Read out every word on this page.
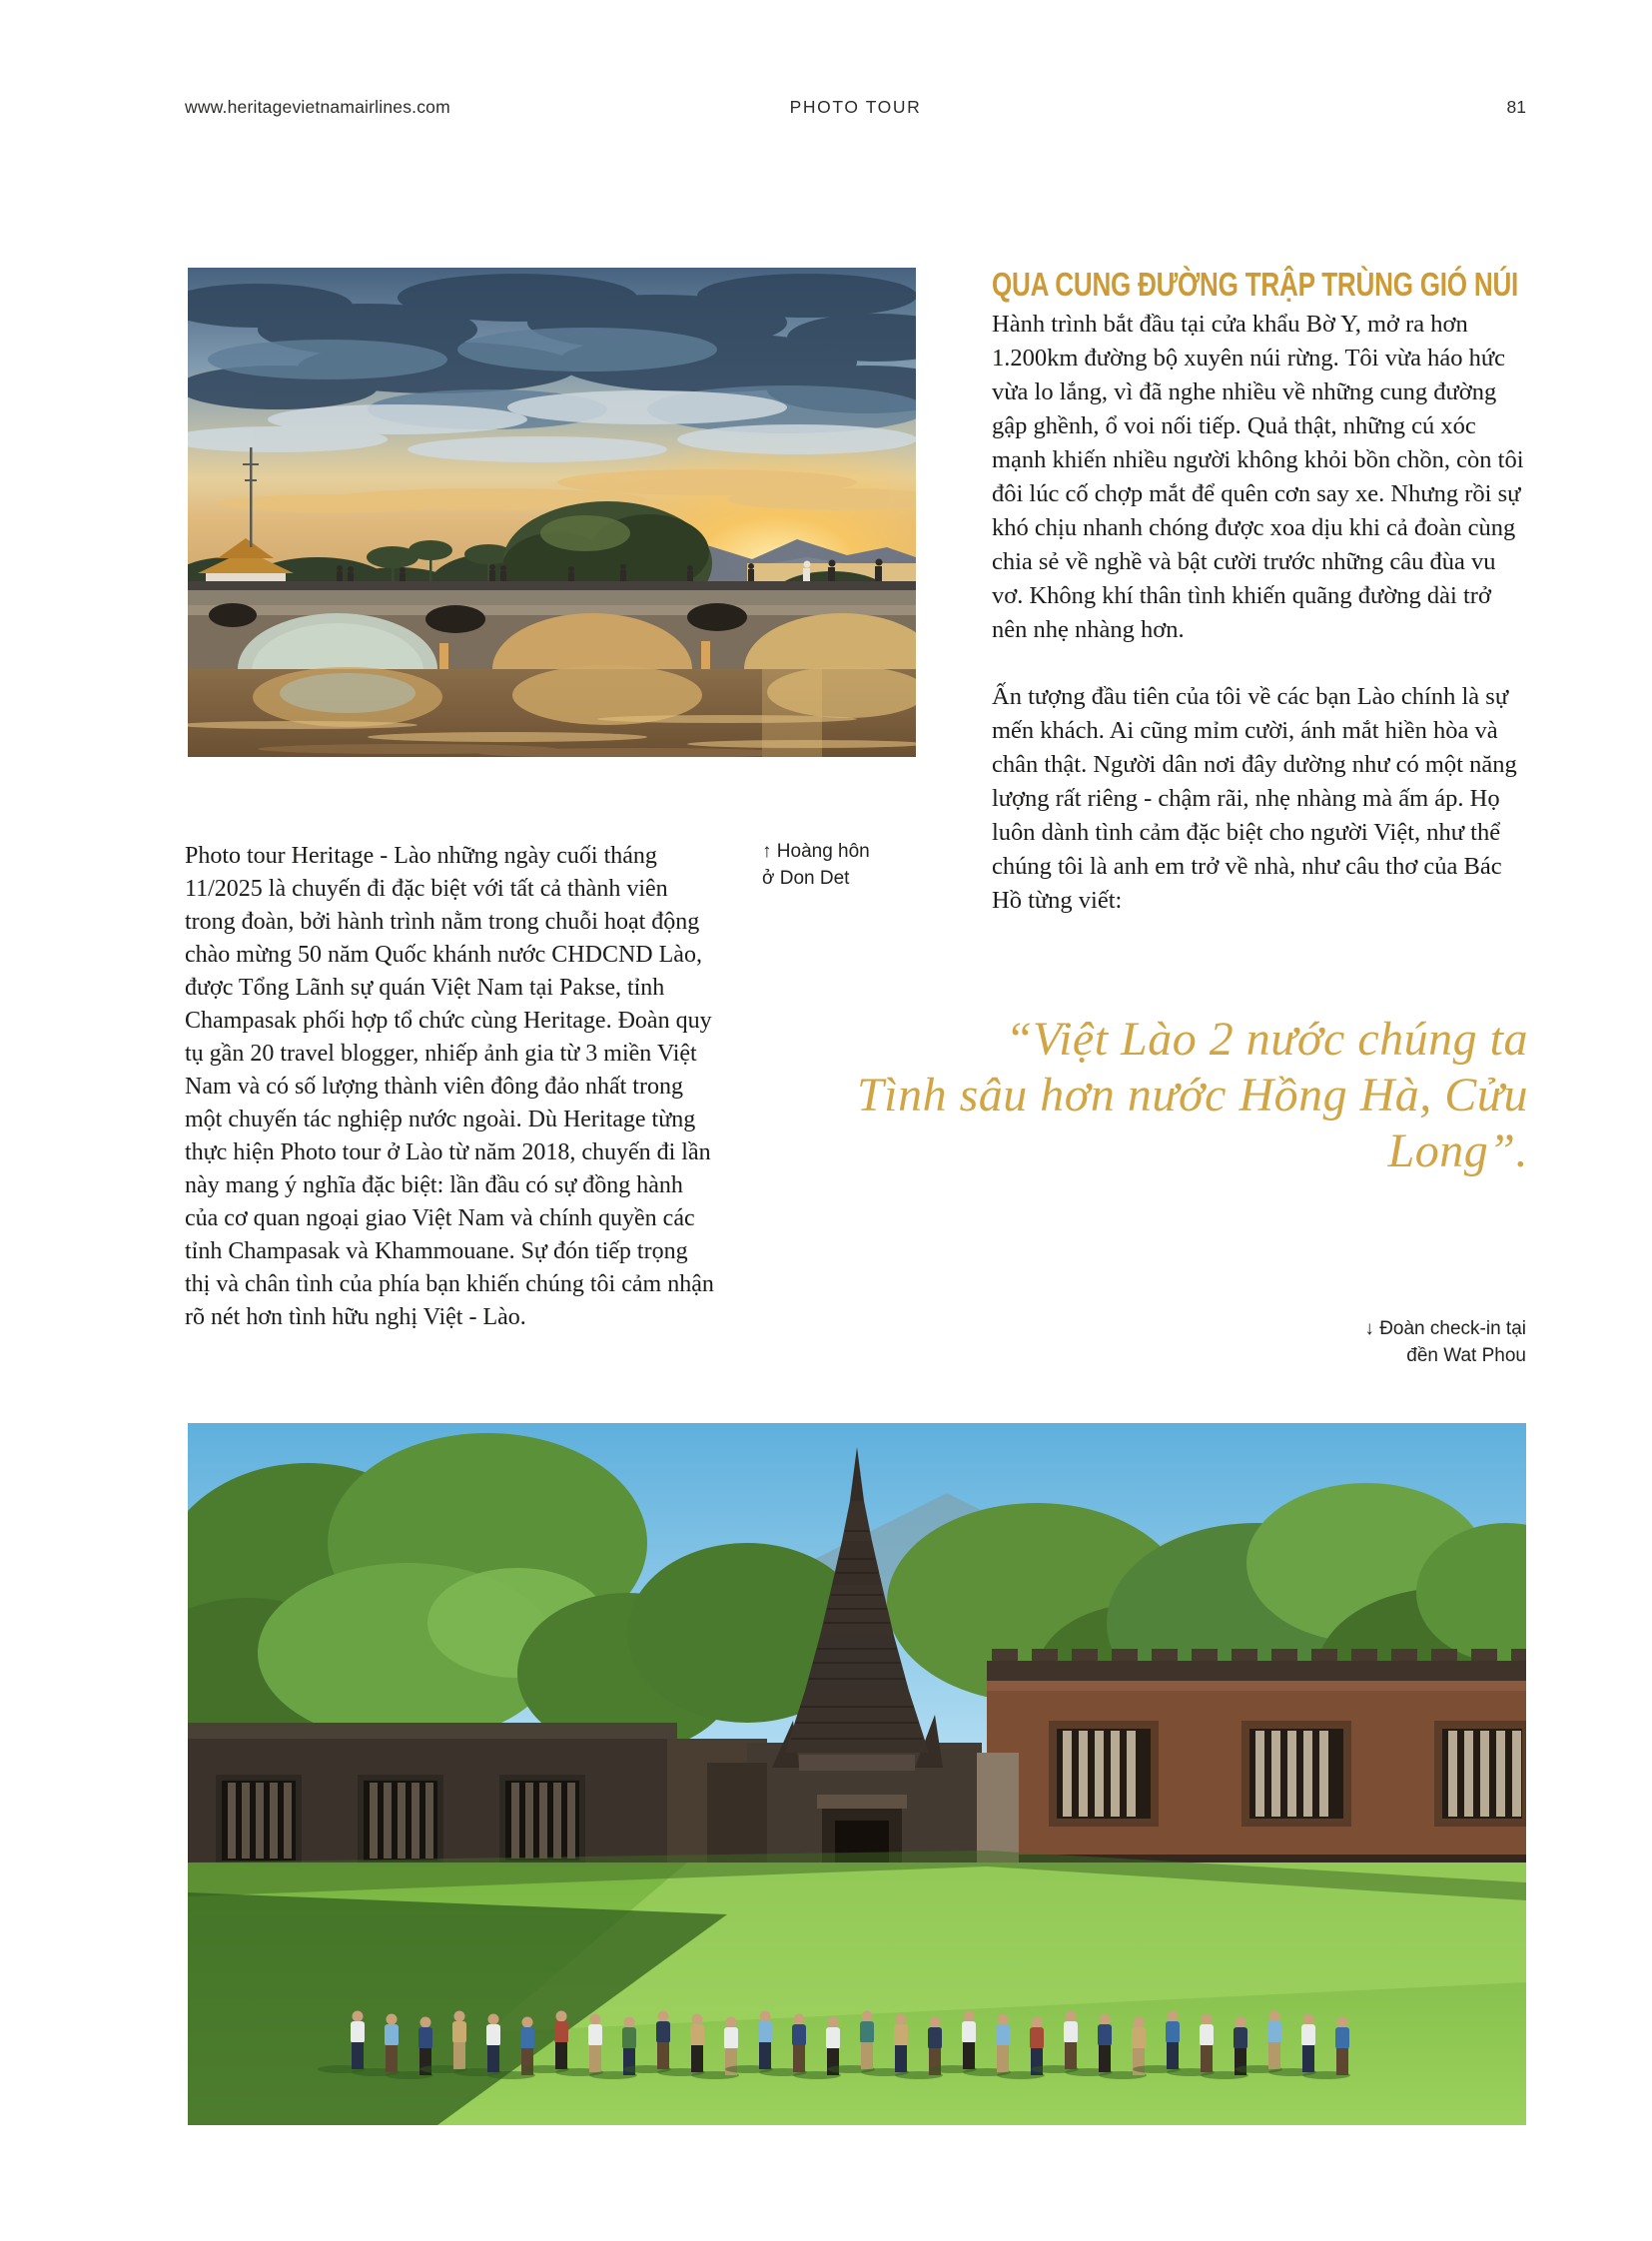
www.heritagevietnamairlines.com	PHOTO TOUR	81
↑ Hoàng hôn
ở Don Det

Photo tour Heritage - Lào những ngày cuối tháng 11/2025 là chuyến đi đặc biệt với tất cả thành viên trong đoàn, bởi hành trình nằm trong chuỗi hoạt động chào mừng 50 năm Quốc khánh nước CHDCND Lào, được Tổng Lãnh sự quán Việt Nam tại Pakse, tỉnh Champasak phối hợp tổ chức cùng Heritage. Đoàn quy tụ gần 20 travel blogger, nhiếp ảnh gia từ 3 miền Việt Nam và có số lượng thành viên đông đảo nhất trong một chuyến tác nghiệp nước ngoài. Dù Heritage từng thực hiện Photo tour ở Lào từ năm 2018, chuyến đi lần này mang ý nghĩa đặc biệt: lần đầu có sự đồng hành của cơ quan ngoại giao Việt Nam và chính quyền các tỉnh Champasak và Khammouane. Sự đón tiếp trọng thị và chân tình của phía bạn khiến chúng tôi cảm nhận rõ nét hơn tình hữu nghị Việt - Lào.

QUA CUNG ĐƯỜNG TRẬP TRÙNG GIÓ NÚI

Hành trình bắt đầu tại cửa khẩu Bờ Y, mở ra hơn 1.200km đường bộ xuyên núi rừng. Tôi vừa háo hức vừa lo lắng, vì đã nghe nhiều về những cung đường gập ghềnh, ổ voi nối tiếp. Quả thật, những cú xóc mạnh khiến nhiều người không khỏi bồn chồn, còn tôi đôi lúc cố chợp mắt để quên cơn say xe. Nhưng rồi sự khó chịu nhanh chóng được xoa dịu khi cả đoàn cùng chia sẻ về nghề và bật cười trước những câu đùa vu vơ. Không khí thân tình khiến quãng đường dài trở nên nhẹ nhàng hơn.

Ấn tượng đầu tiên của tôi về các bạn Lào chính là sự mến khách. Ai cũng mỉm cười, ánh mắt hiền hòa và chân thật. Người dân nơi đây dường như có một năng lượng rất riêng - chậm rãi, nhẹ nhàng mà ấm áp. Họ luôn dành tình cảm đặc biệt cho người Việt, như thể chúng tôi là anh em trở về nhà, như câu thơ của Bác Hồ từng viết:

“Việt Lào 2 nước chúng ta
Tình sâu hơn nước Hồng Hà, Cửu Long”.
↓ Đoàn check-in tại
đền Wat Phou
